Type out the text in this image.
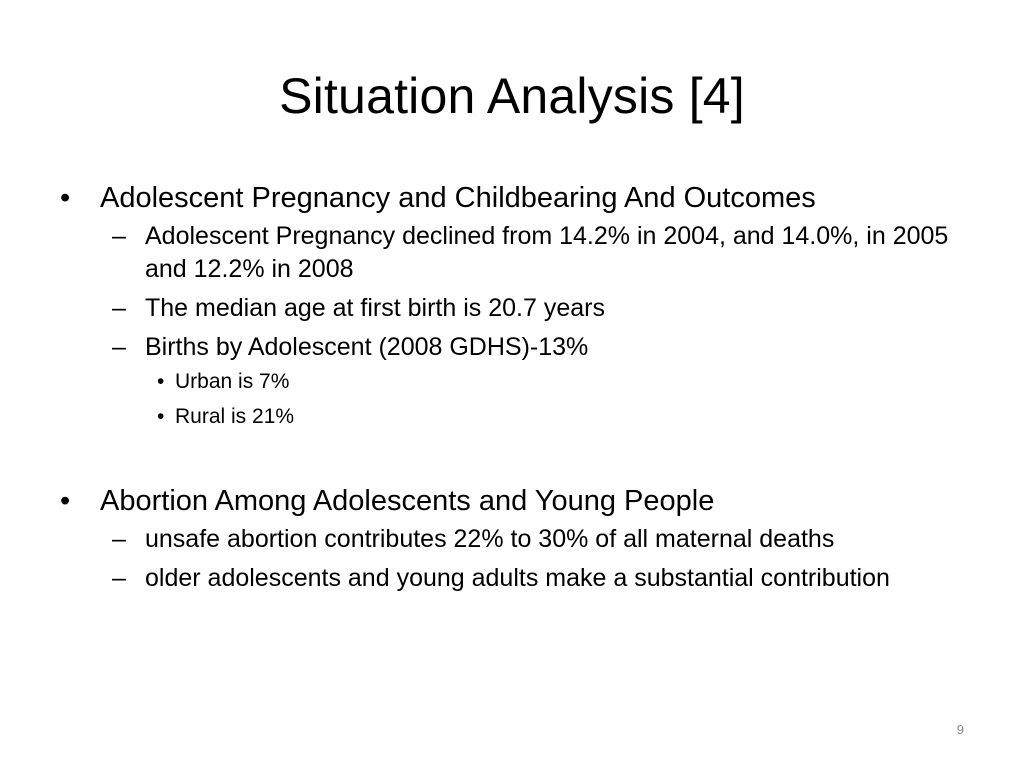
Situation Analysis [4]
•	Adolescent Pregnancy and Childbearing And Outcomes
– Adolescent Pregnancy declined from 14.2% in 2004, and 14.0%, in 2005 and 12.2% in 2008
– The median age at first birth is 20.7 years
– Births by Adolescent (2008 GDHS)-13%
• Urban is 7%
• Rural is 21%
•	Abortion Among Adolescents and Young People
– unsafe abortion contributes 22% to 30% of all maternal deaths
– older adolescents and young adults make a substantial contribution
9
